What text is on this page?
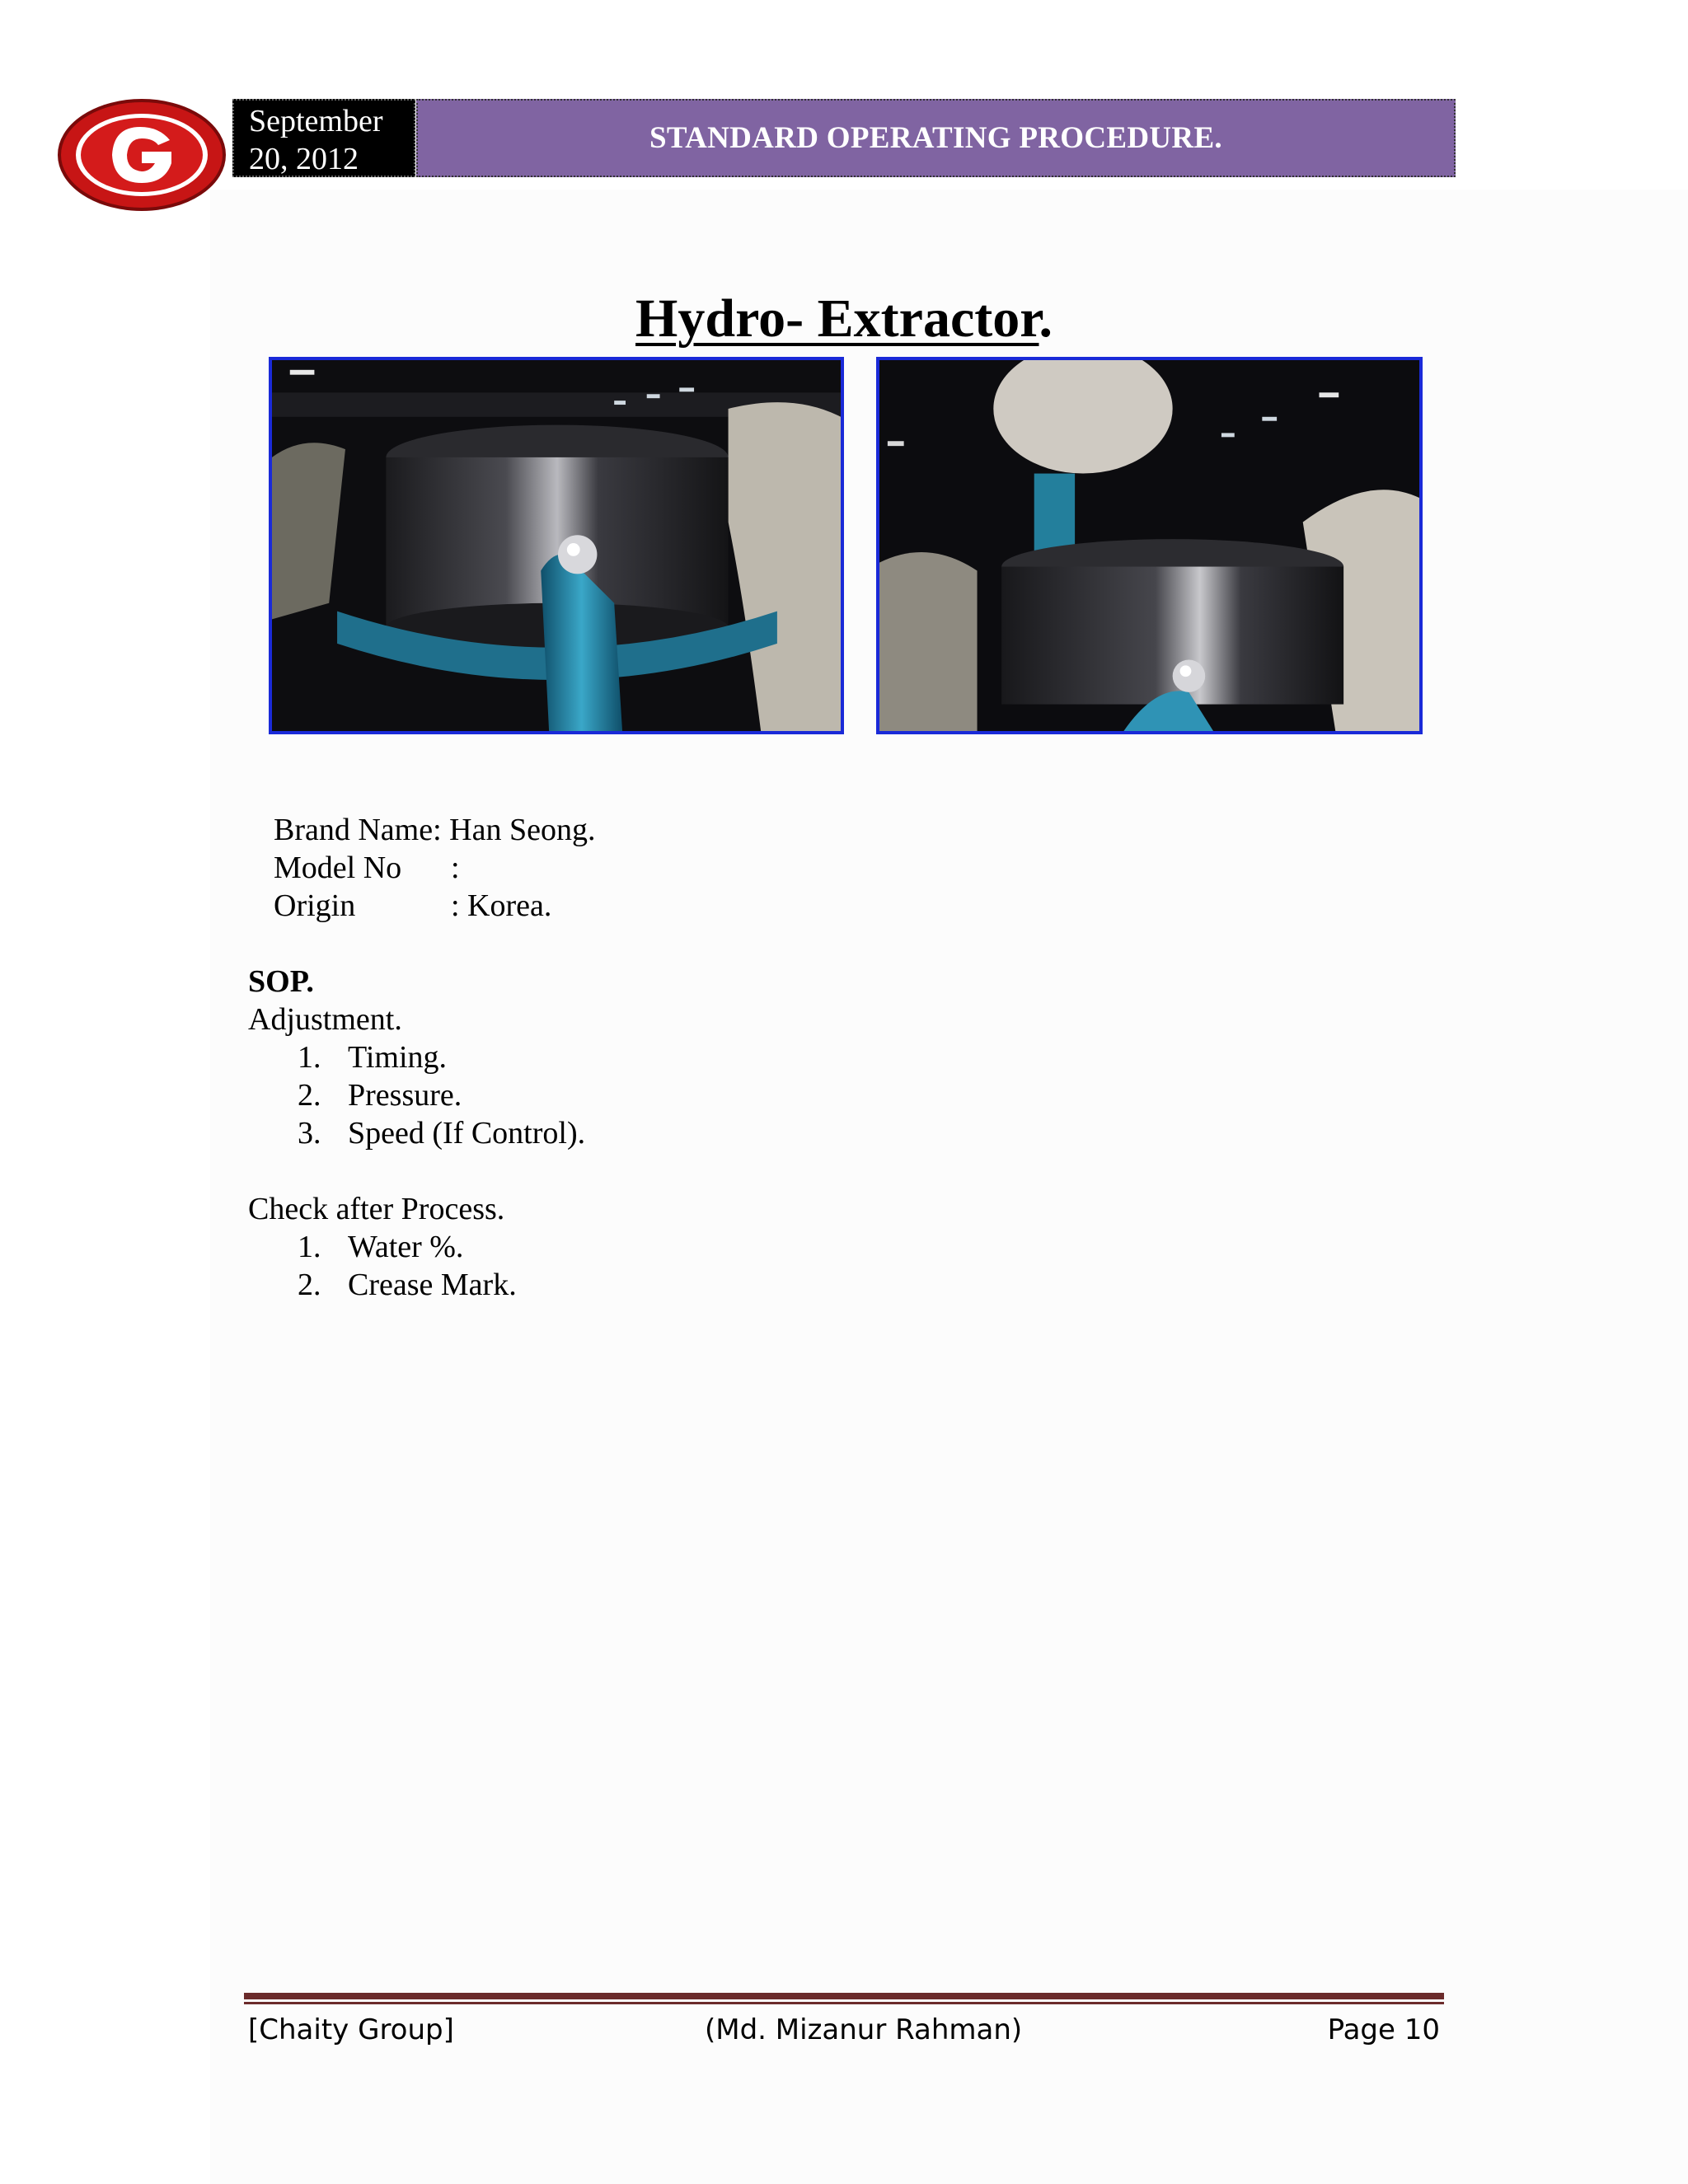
September
20, 2012
STANDARD OPERATING PROCEDURE.
Hydro- Extractor.
Brand Name : Han Seong.
Model No	:
Origin	: Korea.
SOP.
Adjustment.
1. Timing.
2. Pressure.
3. Speed (If Control).
Check after Process.
1. Water %.
2. Crease Mark.
[Chaity Group]	(Md. Mizanur Rahman)	Page 10
